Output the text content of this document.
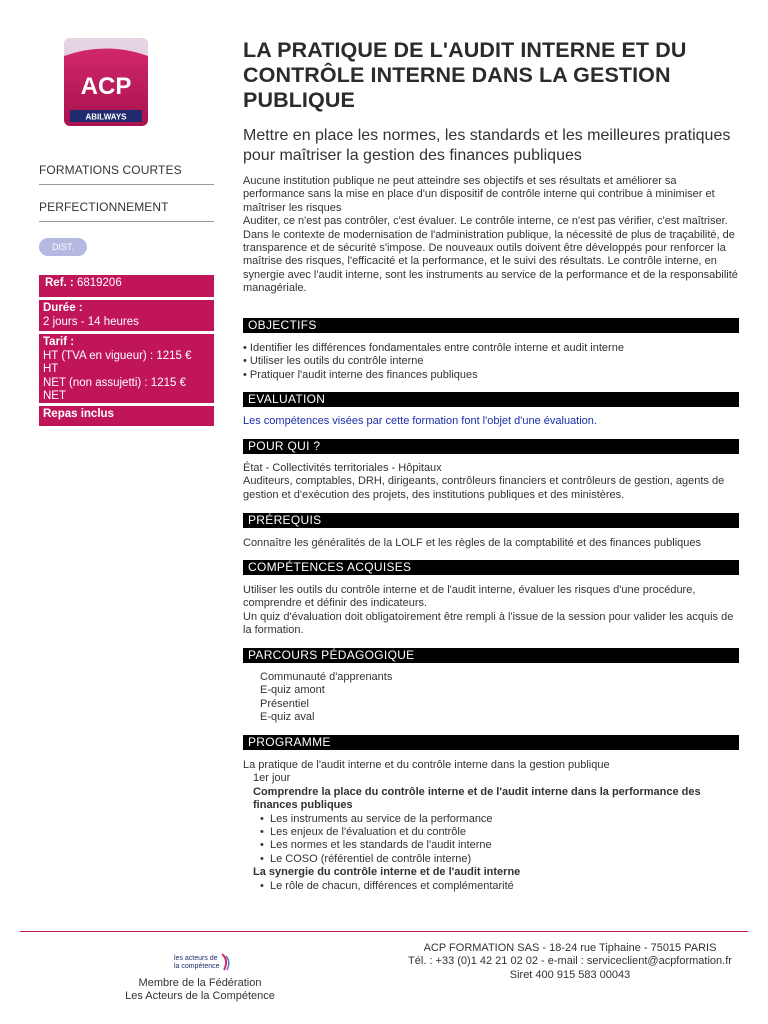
ACP
ABILWAYS
FORMATIONS COURTES
PERFECTIONNEMENT
DIST.
Ref. : 6819206
Durée :
2 jours - 14 heures
Tarif :
HT (TVA en vigueur) : 1215 € HT
NET (non assujetti) : 1215 € NET
Repas inclus
LA PRATIQUE DE L'AUDIT INTERNE ET DU CONTRÔLE INTERNE DANS LA GESTION PUBLIQUE
Mettre en place les normes, les standards et les meilleures pratiques pour maîtriser la gestion des finances publiques

Aucune institution publique ne peut atteindre ses objectifs et ses résultats et améliorer sa performance sans la mise en place d'un dispositif de contrôle interne qui contribue à minimiser et maîtriser les risques

Auditer, ce n'est pas contrôler, c'est évaluer. Le contrôle interne, ce n'est pas vérifier, c'est maîtriser.

Dans le contexte de modernisation de l'administration publique, la nécessité de plus de traçabilité, de transparence et de sécurité s'impose. De nouveaux outils doivent être développés pour renforcer la maîtrise des risques, l'efficacité et la performance, et le suivi des résultats. Le contrôle interne, en synergie avec l'audit interne, sont les instruments au service de la performance et de la responsabilité managériale.

OBJECTIFS

• Identifier les différences fondamentales entre contrôle interne et audit interne

• Utiliser les outils du contrôle interne

• Pratiquer l'audit interne des finances publiques

EVALUATION

Les compétences visées par cette formation font l'objet d'une évaluation.

POUR QUI ?

État - Collectivités territoriales - Hôpitaux

Auditeurs, comptables, DRH, dirigeants, contrôleurs financiers et contrôleurs de gestion, agents de gestion et d'exécution des projets, des institutions publiques et des ministères.

PRÉREQUIS

Connaître les généralités de la LOLF et les règles de la comptabilité et des finances publiques

COMPÉTENCES ACQUISES

Utiliser les outils du contrôle interne et de l'audit interne, évaluer les risques d'une procédure, comprendre et définir des indicateurs.

Un quiz d'évaluation doit obligatoirement être rempli à l'issue de la session pour valider les acquis de la formation.

PARCOURS PÉDAGOGIQUE

Communauté d'apprenants

E-quiz amont

Présentiel

E-quiz aval

PROGRAMME

La pratique de l'audit interne et du contrôle interne dans la gestion publique

1er jour

Comprendre la place du contrôle interne et de l'audit interne dans la performance des finances publiques

• Les instruments au service de la performance

• Les enjeux de l'évaluation et du contrôle

• Les normes et les standards de l'audit interne

• Le COSO (référentiel de contrôle interne)

La synergie du contrôle interne et de l'audit interne

• Le rôle de chacun, différences et complémentarité

les acteurs de
la compétence
Membre de la Fédération
Les Acteurs de la Compétence
ACP FORMATION SAS - 18-24 rue Tiphaine - 75015 PARIS
Tél. : +33 (0)1 42 21 02 02 - e-mail : serviceclient@acpformation.fr
Siret 400 915 583 00043
